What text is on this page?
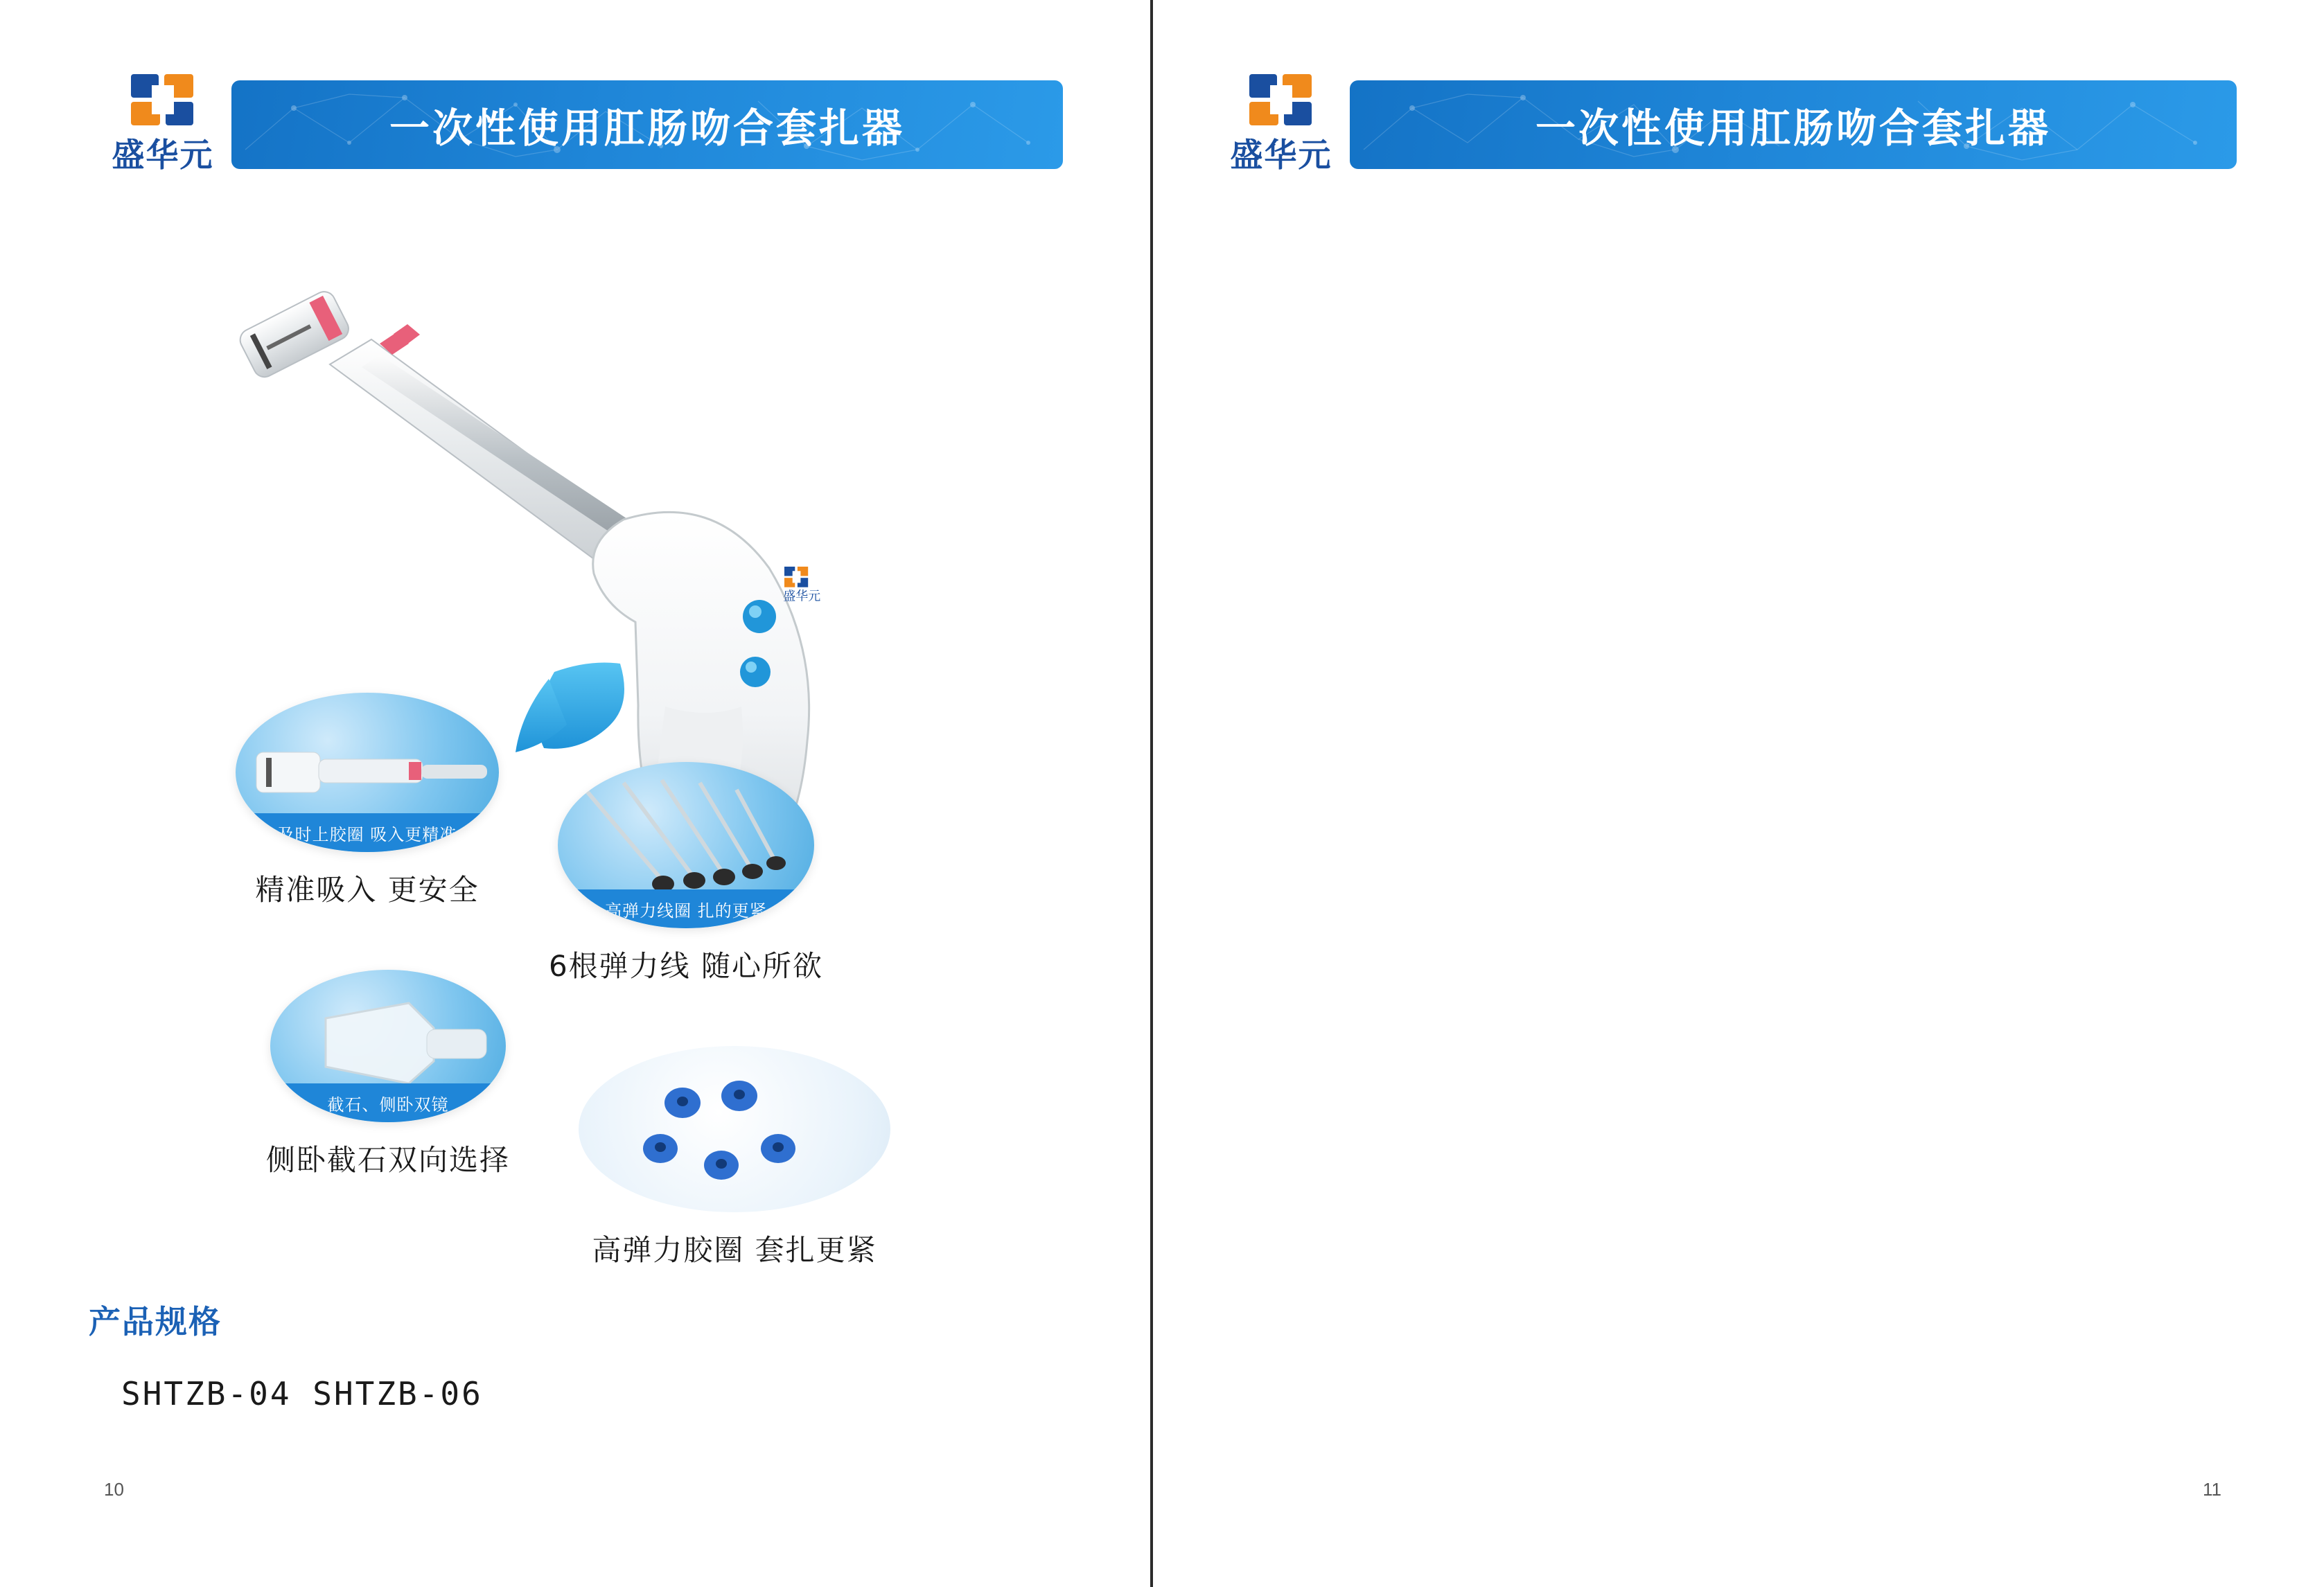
盛华元
一次性使用肛肠吻合套扎器
盛华元
及时上胶圈 吸入更精准
精准吸入 更安全
高弹力线圈 扎的更紧
6根弹力线 随心所欲
截石、侧卧双镜
侧卧截石双向选择
高弹力胶圈 套扎更紧
产品规格
SHTZB-04 SHTZB-06
10
盛华元
一次性使用肛肠吻合套扎器
11
